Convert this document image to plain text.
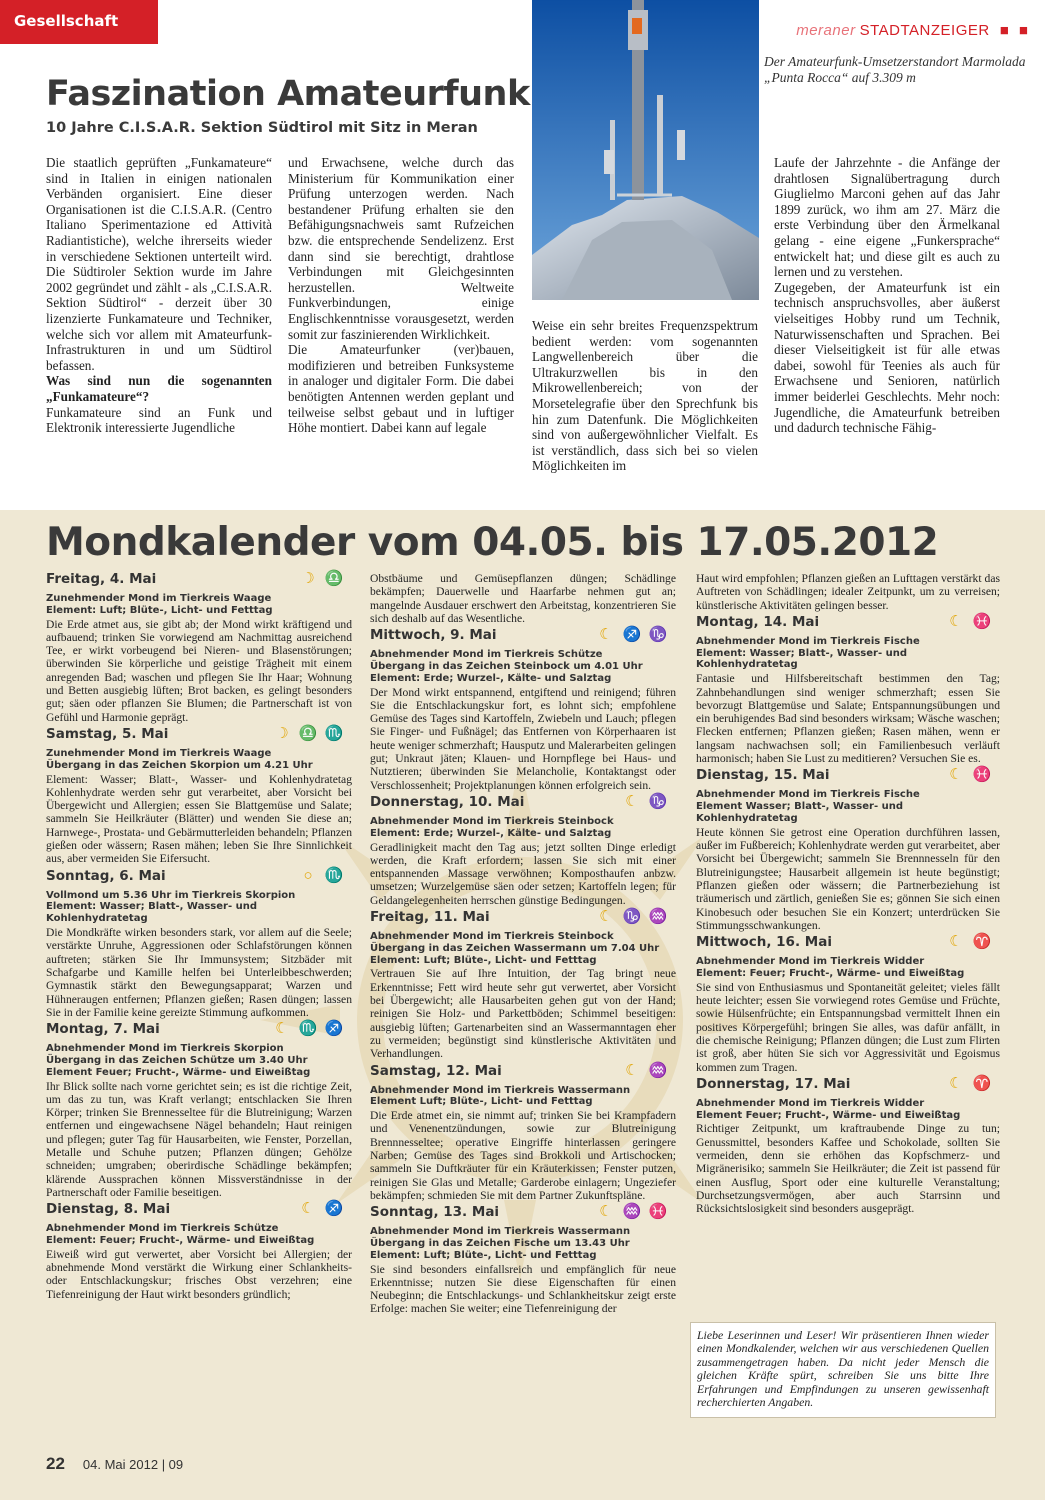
Gesellschaft
meraner STADTANZEIGER ■ ■
Der Amateurfunk-Umsetzerstandort Marmolada „Punta Rocca“ auf 3.309 m
Faszination Amateurfunk
10 Jahre C.I.S.A.R. Sektion Südtirol mit Sitz in Meran

Die staatlich geprüften „Funkamateure“ sind in Italien in einigen nationalen Verbänden organisiert. Eine dieser Organisationen ist die C.I.S.A.R. (Centro Italiano Sperimentazione ed Attività Radiantistiche), welche ihrerseits wieder in verschiedene Sektionen unterteilt wird. Die Südtiroler Sektion wurde im Jahre 2002 gegründet und zählt - als „C.I.S.A.R. Sektion Südtirol“ - derzeit über 30 lizenzierte Funkamateure und Techniker, welche sich vor allem mit Amateurfunk-Infrastrukturen in und um Südtirol befassen.

Was sind nun die sogenannten „Funkamateure“?

Funkamateure sind an Funk und Elektronik interessierte Jugendliche

und Erwachsene, welche durch das Ministerium für Kommunikation einer Prüfung unterzogen werden. Nach bestandener Prüfung erhalten sie den Befähigungsnachweis samt Rufzeichen bzw. die entsprechende Sendelizenz. Erst dann sind sie berechtigt, drahtlose Verbindungen mit Gleichgesinnten herzustellen. Weltweite Funkverbindungen, einige Englischkenntnisse vorausgesetzt, werden somit zur faszinierenden Wirklichkeit.

Die Amateurfunker (ver)bauen, modifizieren und betreiben Funksysteme in analoger und digitaler Form. Die dabei benötigten Antennen werden geplant und teilweise selbst gebaut und in luftiger Höhe montiert. Dabei kann auf legale

Weise ein sehr breites Frequenzspektrum bedient werden: vom sogenannten Langwellenbereich über die Ultrakurzwellen bis in den Mikrowellenbereich; von der Morsetelegrafie über den Sprechfunk bis hin zum Datenfunk. Die Möglichkeiten sind von außergewöhnlicher Vielfalt. Es ist verständlich, dass sich bei so vielen Möglichkeiten im

Laufe der Jahrzehnte - die Anfänge der drahtlosen Signalübertragung durch Giuglielmo Marconi gehen auf das Jahr 1899 zurück, wo ihm am 27. März die erste Verbindung über den Ärmelkanal gelang - eine eigene „Funkersprache“ entwickelt hat; und diese gilt es auch zu lernen und zu verstehen.

Zugegeben, der Amateurfunk ist ein technisch anspruchsvolles, aber äußerst vielseitiges Hobby rund um Technik, Naturwissenschaften und Sprachen. Bei dieser Vielseitigkeit ist für alle etwas dabei, sowohl für Teenies als auch für Erwachsene und Senioren, natürlich immer beiderlei Geschlechts. Mehr noch: Jugendliche, die Amateurfunk betreiben und dadurch technische Fähig-

Mondkalender vom 04.05. bis 17.05.2012
Freitag, 4. Mai	☽ ♎
Zunehmender Mond im Tierkreis Waage
Element: Luft; Blüte-, Licht- und Fetttag
Die Erde atmet aus, sie gibt ab; der Mond wirkt kräftigend und aufbauend; trinken Sie vorwiegend am Nachmittag ausreichend Tee, er wirkt vorbeugend bei Nieren- und Blasenstörungen; überwinden Sie körperliche und geistige Trägheit mit einem anregenden Bad; waschen und pflegen Sie Ihr Haar; Wohnung und Betten ausgiebig lüften; Brot backen, es gelingt besonders gut; säen oder pflanzen Sie Blumen; die Partnerschaft ist von Gefühl und Harmonie geprägt.
Samstag, 5. Mai	☽ ♎♏
Zunehmender Mond im Tierkreis Waage
Übergang in das Zeichen Skorpion um 4.21 Uhr
Element: Wasser; Blatt-, Wasser- und Kohlenhydratetag Kohlenhydrate werden sehr gut verarbeitet, aber Vorsicht bei Übergewicht und Allergien; essen Sie Blattgemüse und Salate; sammeln Sie Heilkräuter (Blätter) und wenden Sie diese an; Harnwege-, Prostata- und Gebärmutterleiden behandeln; Pflanzen gießen oder wässern; Rasen mähen; leben Sie Ihre Sinnlichkeit aus, aber vermeiden Sie Eifersucht.
Sonntag, 6. Mai	○ ♏
Vollmond um 5.36 Uhr im Tierkreis Skorpion
Element: Wasser; Blatt-, Wasser- und Kohlenhydratetag
Die Mondkräfte wirken besonders stark, vor allem auf die Seele; verstärkte Unruhe, Aggressionen oder Schlafstörungen können auftreten; stärken Sie Ihr Immunsystem; Sitzbäder mit Schafgarbe und Kamille helfen bei Unterleibbeschwerden; Gymnastik stärkt den Bewegungsapparat; Warzen und Hühneraugen entfernen; Pflanzen gießen; Rasen düngen; lassen Sie in der Familie keine gereizte Stimmung aufkommen.
Montag, 7. Mai	☾ ♏♐
Abnehmender Mond im Tierkreis Skorpion
Übergang in das Zeichen Schütze um 3.40 Uhr
Element Feuer; Frucht-, Wärme- und Eiweißtag
Ihr Blick sollte nach vorne gerichtet sein; es ist die richtige Zeit, um das zu tun, was Kraft verlangt; entschlacken Sie Ihren Körper; trinken Sie Brennesseltee für die Blutreinigung; Warzen entfernen und eingewachsene Nägel behandeln; Haut reinigen und pflegen; guter Tag für Hausarbeiten, wie Fenster, Porzellan, Metalle und Schuhe putzen; Pflanzen düngen; Gehölze schneiden; umgraben; oberirdische Schädlinge bekämpfen; klärende Aussprachen können Missverständnisse in der Partnerschaft oder Familie beseitigen.
Dienstag, 8. Mai	☾ ♐
Abnehmender Mond im Tierkreis Schütze
Element: Feuer; Frucht-, Wärme- und Eiweißtag
Eiweiß wird gut verwertet, aber Vorsicht bei Allergien; der abnehmende Mond verstärkt die Wirkung einer Schlankheits- oder Entschlackungskur; frisches Obst verzehren; eine Tiefenreinigung der Haut wirkt besonders gründlich;
Obstbäume und Gemüsepflanzen düngen; Schädlinge bekämpfen; Dauerwelle und Haarfarbe nehmen gut an; mangelnde Ausdauer erschwert den Arbeitstag, konzentrieren Sie sich deshalb auf das Wesentliche.
Mittwoch, 9. Mai	☾ ♐♑
Abnehmender Mond im Tierkreis Schütze
Übergang in das Zeichen Steinbock um 4.01 Uhr
Element: Erde; Wurzel-, Kälte- und Salztag
Der Mond wirkt entspannend, entgiftend und reinigend; führen Sie die Entschlackungskur fort, es lohnt sich; empfohlene Gemüse des Tages sind Kartoffeln, Zwiebeln und Lauch; pflegen Sie Finger- und Fußnägel; das Entfernen von Körperhaaren ist heute weniger schmerzhaft; Hausputz und Malerarbeiten gelingen gut; Unkraut jäten; Klauen- und Hornpflege bei Haus- und Nutztieren; überwinden Sie Melancholie, Kontaktangst oder Verschlossenheit; Projektplanungen können erfolgreich sein.
Donnerstag, 10. Mai	☾ ♑
Abnehmender Mond im Tierkreis Steinbock
Element: Erde; Wurzel-, Kälte- und Salztag
Geradlinigkeit macht den Tag aus; jetzt sollten Dinge erledigt werden, die Kraft erfordern; lassen Sie sich mit einer entspannenden Massage verwöhnen; Komposthaufen anbzw. umsetzen; Wurzelgemüse säen oder setzen; Kartoffeln legen; für Geldangelegenheiten herrschen günstige Bedingungen.
Freitag, 11. Mai	☾ ♑♒
Abnehmender Mond im Tierkreis Steinbock
Übergang in das Zeichen Wassermann um 7.04 Uhr
Element: Luft; Blüte-, Licht- und Fetttag
Vertrauen Sie auf Ihre Intuition, der Tag bringt neue Erkenntnisse; Fett wird heute sehr gut verwertet, aber Vorsicht bei Übergewicht; alle Hausarbeiten gehen gut von der Hand; reinigen Sie Holz- und Parkettböden; Schimmel beseitigen: ausgiebig lüften; Gartenarbeiten sind an Wassermanntagen eher zu vermeiden; begünstigt sind künstlerische Aktivitäten und Verhandlungen.
Samstag, 12. Mai	☾ ♒
Abnehmender Mond im Tierkreis Wassermann
Element Luft; Blüte-, Licht- und Fetttag
Die Erde atmet ein, sie nimmt auf; trinken Sie bei Krampfadern und Venenentzündungen, sowie zur Blutreinigung Brennnesseltee; operative Eingriffe hinterlassen geringere Narben; Gemüse des Tages sind Brokkoli und Artischocken; sammeln Sie Duftkräuter für ein Kräuterkissen; Fenster putzen, reinigen Sie Glas und Metalle; Garderobe einlagern; Ungeziefer bekämpfen; schmieden Sie mit dem Partner Zukunftspläne.
Sonntag, 13. Mai	☾ ♒♓
Abnehmender Mond im Tierkreis Wassermann
Übergang in das Zeichen Fische um 13.43 Uhr
Element: Luft; Blüte-, Licht- und Fetttag
Sie sind besonders einfallsreich und empfänglich für neue Erkenntnisse; nutzen Sie diese Eigenschaften für einen Neubeginn; die Entschlackungs- und Schlankheitskur zeigt erste Erfolge: machen Sie weiter; eine Tiefenreinigung der
Haut wird empfohlen; Pflanzen gießen an Lufttagen verstärkt das Auftreten von Schädlingen; idealer Zeitpunkt, um zu verreisen; künstlerische Aktivitäten gelingen besser.
Montag, 14. Mai	☾ ♓
Abnehmender Mond im Tierkreis Fische
Element: Wasser; Blatt-, Wasser- und Kohlenhydratetag
Fantasie und Hilfsbereitschaft bestimmen den Tag; Zahnbehandlungen sind weniger schmerzhaft; essen Sie bevorzugt Blattgemüse und Salate; Entspannungsübungen und ein beruhigendes Bad sind besonders wirksam; Wäsche waschen; Flecken entfernen; Pflanzen gießen; Rasen mähen, wenn er langsam nachwachsen soll; ein Familienbesuch verläuft harmonisch; haben Sie Lust zu meditieren? Versuchen Sie es.
Dienstag, 15. Mai	☾ ♓
Abnehmender Mond im Tierkreis Fische
Element Wasser; Blatt-, Wasser- und Kohlenhydratetag
Heute können Sie getrost eine Operation durchführen lassen, außer im Fußbereich; Kohlenhydrate werden gut verarbeitet, aber Vorsicht bei Übergewicht; sammeln Sie Brennnesseln für den Blutreinigungstee; Hausarbeit allgemein ist heute begünstigt; Pflanzen gießen oder wässern; die Partnerbeziehung ist träumerisch und zärtlich, genießen Sie es; gönnen Sie sich einen Kinobesuch oder besuchen Sie ein Konzert; unterdrücken Sie Stimmungsschwankungen.
Mittwoch, 16. Mai	☾ ♈
Abnehmender Mond im Tierkreis Widder
Element: Feuer; Frucht-, Wärme- und Eiweißtag
Sie sind von Enthusiasmus und Spontaneität geleitet; vieles fällt heute leichter; essen Sie vorwiegend rotes Gemüse und Früchte, sowie Hülsenfrüchte; ein Entspannungsbad vermittelt Ihnen ein positives Körpergefühl; bringen Sie alles, was dafür anfällt, in die chemische Reinigung; Pflanzen düngen; die Lust zum Flirten ist groß, aber hüten Sie sich vor Aggressivität und Egoismus kommen zum Tragen.
Donnerstag, 17. Mai	☾ ♈
Abnehmender Mond im Tierkreis Widder
Element Feuer; Frucht-, Wärme- und Eiweißtag
Richtiger Zeitpunkt, um kraftraubende Dinge zu tun; Genussmittel, besonders Kaffee und Schokolade, sollten Sie vermeiden, denn sie erhöhen das Kopfschmerz- und Migränerisiko; sammeln Sie Heilkräuter; die Zeit ist passend für einen Ausflug, Sport oder eine kulturelle Veranstaltung; Durchsetzungsvermögen, aber auch Starrsinn und Rücksichtslosigkeit sind besonders ausgeprägt.
Liebe Leserinnen und Leser! Wir präsentieren Ihnen wieder einen Mondkalender, welchen wir aus verschiedenen Quellen zusammengetragen haben. Da nicht jeder Mensch die gleichen Kräfte spürt, schreiben Sie uns bitte Ihre Erfahrungen und Empfindungen zu unseren gewissenhaft recherchierten Angaben.
22 04. Mai 2012 | 09
